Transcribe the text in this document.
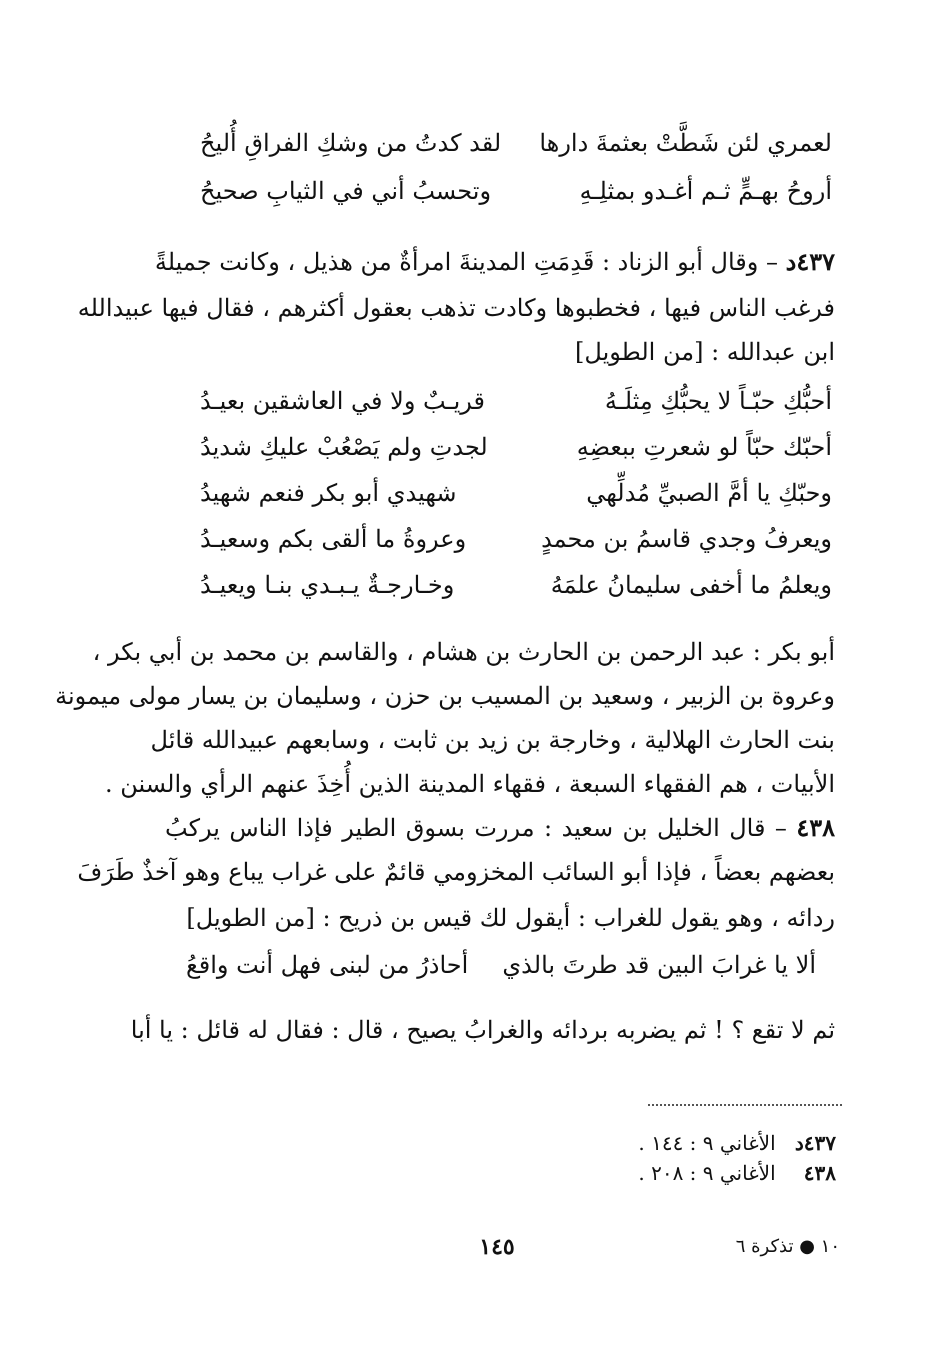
لعمري لئن شَطَّتْ بعثمةَ دارها
لقد كدتُ من وشكِ الفراقِ أُليحُ
أروحُ بهـمٍّ ثـم أغـدو بمثلِـهِ
وتحسبُ أني في الثيابِ صحيحُ
٤٣٧د – وقال أبو الزناد : قَدِمَتِ المدينةَ امرأةٌ من هذيل ، وكانت جميلةً
فرغب الناس فيها ، فخطبوها وكادت تذهب بعقول أكثرهم ، فقال فيها عبيدالله
ابن عبدالله : [من الطويل]
أحبُّكِ حبّـاً لا يحبُّكِ مِثلَـهُ
قريـبٌ ولا في العاشقين بعيـدُ
أحبّك حبّاً لو شعرتِ ببعضِهِ
لجدتِ ولم يَصْعُبْ عليكِ شديدُ
وحبّكِ يا أمَّ الصبيِّ مُدلِّهي
شهيدي أبو بكر فنعم شهيدُ
ويعرفُ وجدي قاسمُ بن محمدٍ
وعروةُ ما ألقى بكم وسعيـدُ
ويعلمُ ما أخفى سليمانُ علمَهُ
وخـارجـةٌ يـبـدي بنـا ويعيـدُ
أبو بكر : عبد الرحمن بن الحارث بن هشام ، والقاسم بن محمد بن أبي بكر ،
وعروة بن الزبير ، وسعيد بن المسيب بن حزن ، وسليمان بن يسار مولى ميمونة
بنت الحارث الهلالية ، وخارجة بن زيد بن ثابت ، وسابعهم عبيدالله قائل
الأبيات ، هم الفقهاء السبعة ، فقهاء المدينة الذين أُخِذَ عنهم الرأي والسنن .
٤٣٨ – قال الخليل بن سعيد : مررت بسوق الطير فإذا الناس يركبُ
بعضهم بعضاً ، فإذا أبو السائب المخزومي قائمٌ على غراب يباع وهو آخذٌ طَرَفَ
ردائه ، وهو يقول للغراب : أيقول لك قيس بن ذريح : [من الطويل]
ألا يا غرابَ البين قد طرتَ بالذي
أحاذرُ من لبنى فهل أنت واقعُ
ثم لا تقع ؟ ! ثم يضربه بردائه والغرابُ يصيح ، قال : فقال له قائل : يا أبا
٤٣٧د الأغاني ٩ : ١٤٤ .
٤٣٨ الأغاني ٩ : ٢٠٨ .
١٤٥	١٠ ● تذكرة ٦
